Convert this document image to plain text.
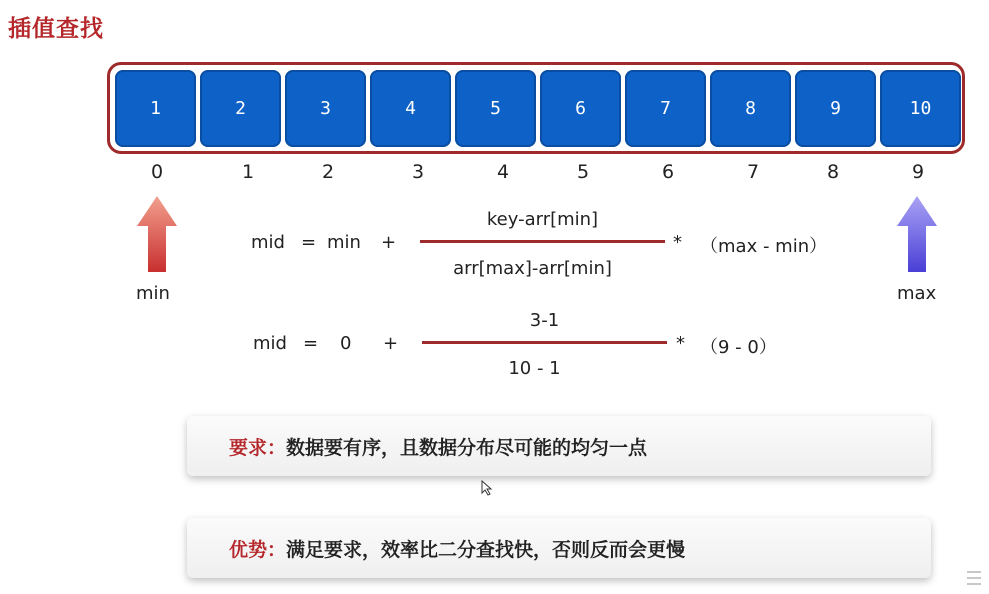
插值查找
1	2	3	4	5	6	7	8	9	10
0	1	2	3	4	5	6	7	8	9
min	max
mid = min +
key-arr[min]
arr[max]-arr[min]
* （max - min）
mid = 0 +
3-1
10 - 1
* （9 - 0）
要求： 数据要有序，且数据分布尽可能的均匀一点
优势： 满足要求，效率比二分查找快，否则反而会更慢
